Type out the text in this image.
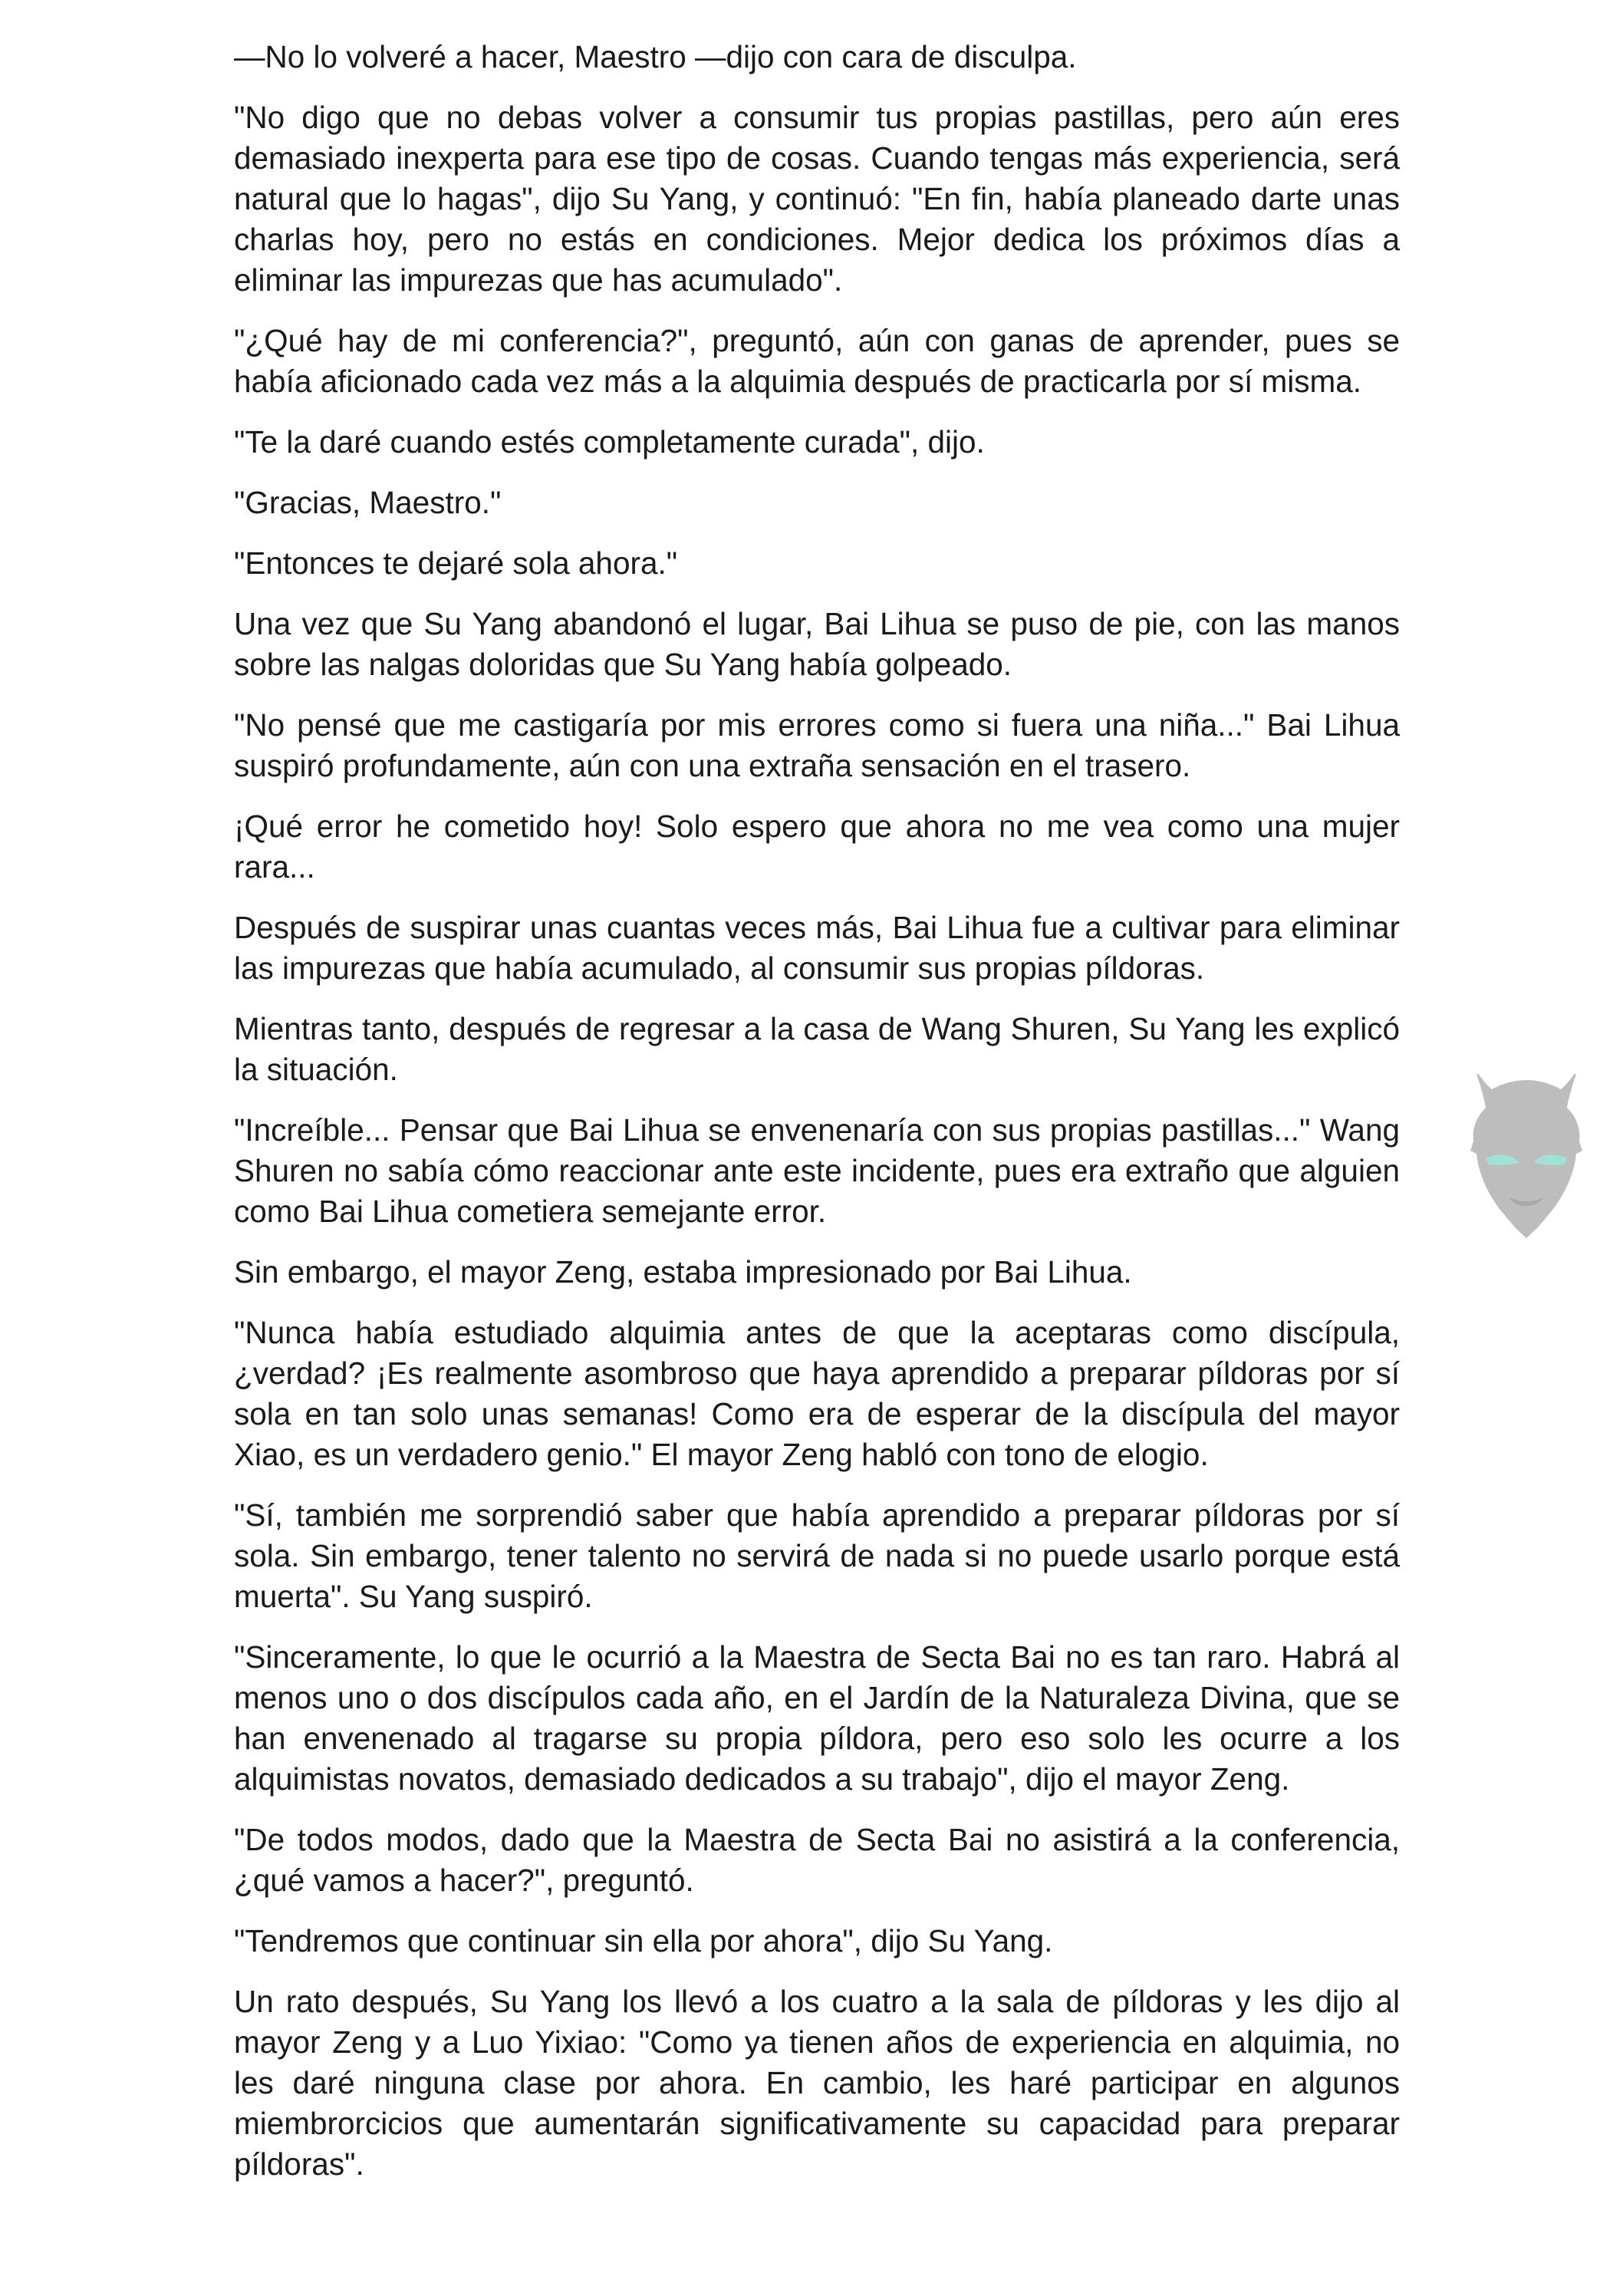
—No lo volveré a hacer, Maestro —dijo con cara de disculpa.

"No digo que no debas volver a consumir tus propias pastillas, pero aún eres demasiado inexperta para ese tipo de cosas. Cuando tengas más experiencia, será natural que lo hagas", dijo Su Yang, y continuó: "En fin, había planeado darte unas charlas hoy, pero no estás en condiciones. Mejor dedica los próximos días a eliminar las impurezas que has acumulado".

"¿Qué hay de mi conferencia?", preguntó, aún con ganas de aprender, pues se había aficionado cada vez más a la alquimia después de practicarla por sí misma.

"Te la daré cuando estés completamente curada", dijo.

"Gracias, Maestro."

"Entonces te dejaré sola ahora."

Una vez que Su Yang abandonó el lugar, Bai Lihua se puso de pie, con las manos sobre las nalgas doloridas que Su Yang había golpeado.

"No pensé que me castigaría por mis errores como si fuera una niña..." Bai Lihua suspiró profundamente, aún con una extraña sensación en el trasero.

¡Qué error he cometido hoy! Solo espero que ahora no me vea como una mujer rara...

Después de suspirar unas cuantas veces más, Bai Lihua fue a cultivar para eliminar las impurezas que había acumulado, al consumir sus propias píldoras.

Mientras tanto, después de regresar a la casa de Wang Shuren, Su Yang les explicó la situación.

"Increíble... Pensar que Bai Lihua se envenenaría con sus propias pastillas..." Wang Shuren no sabía cómo reaccionar ante este incidente, pues era extraño que alguien como Bai Lihua cometiera semejante error.

Sin embargo, el mayor Zeng, estaba impresionado por Bai Lihua.

"Nunca había estudiado alquimia antes de que la aceptaras como discípula, ¿verdad? ¡Es realmente asombroso que haya aprendido a preparar píldoras por sí sola en tan solo unas semanas! Como era de esperar de la discípula del mayor Xiao, es un verdadero genio." El mayor Zeng habló con tono de elogio.

"Sí, también me sorprendió saber que había aprendido a preparar píldoras por sí sola. Sin embargo, tener talento no servirá de nada si no puede usarlo porque está muerta". Su Yang suspiró.

"Sinceramente, lo que le ocurrió a la Maestra de Secta Bai no es tan raro. Habrá al menos uno o dos discípulos cada año, en el Jardín de la Naturaleza Divina, que se han envenenado al tragarse su propia píldora, pero eso solo les ocurre a los alquimistas novatos, demasiado dedicados a su trabajo", dijo el mayor Zeng.

"De todos modos, dado que la Maestra de Secta Bai no asistirá a la conferencia, ¿qué vamos a hacer?", preguntó.

"Tendremos que continuar sin ella por ahora", dijo Su Yang.

Un rato después, Su Yang los llevó a los cuatro a la sala de píldoras y les dijo al mayor Zeng y a Luo Yixiao: "Como ya tienen años de experiencia en alquimia, no les daré ninguna clase por ahora. En cambio, les haré participar en algunos miembrorcicios que aumentarán significativamente su capacidad para preparar píldoras".
